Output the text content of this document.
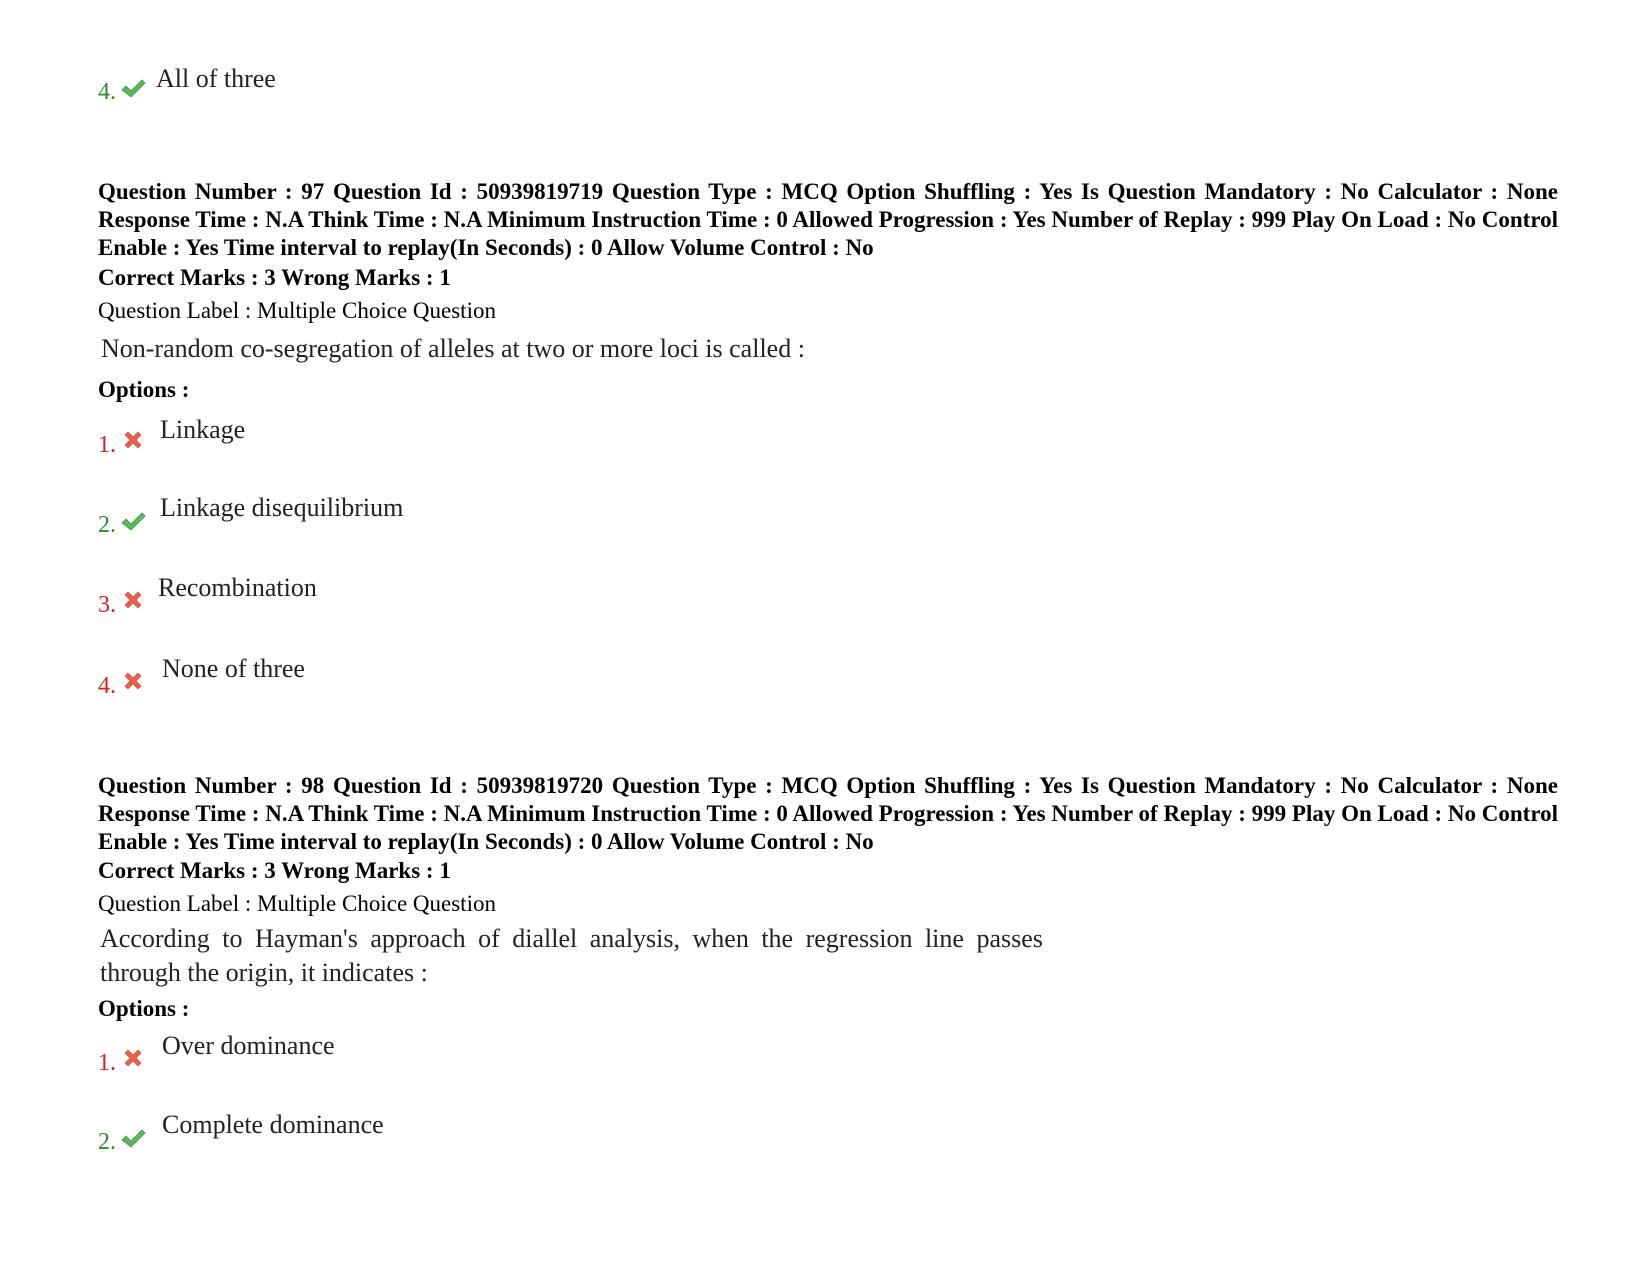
4. All of three
Question Number : 97 Question Id : 50939819719 Question Type : MCQ Option Shuffling : Yes Is Question Mandatory : No Calculator : None Response Time : N.A Think Time : N.A Minimum Instruction Time : 0 Allowed Progression : Yes Number of Replay : 999 Play On Load : No Control Enable : Yes Time interval to replay(In Seconds) : 0 Allow Volume Control : No
Correct Marks : 3 Wrong Marks : 1
Question Label : Multiple Choice Question
Non-random co-segregation of alleles at two or more loci is called :
Options :
1.
Linkage
2.
Linkage disequilibrium
3.
Recombination
4.
None of three
Question Number : 98 Question Id : 50939819720 Question Type : MCQ Option Shuffling : Yes Is Question Mandatory : No Calculator : None Response Time : N.A Think Time : N.A Minimum Instruction Time : 0 Allowed Progression : Yes Number of Replay : 999 Play On Load : No Control Enable : Yes Time interval to replay(In Seconds) : 0 Allow Volume Control : No
Correct Marks : 3 Wrong Marks : 1
Question Label : Multiple Choice Question
According to Hayman's approach of diallel analysis, when the regression line passes
through the origin, it indicates :
Options :
1.
Over dominance
2.
Complete dominance
